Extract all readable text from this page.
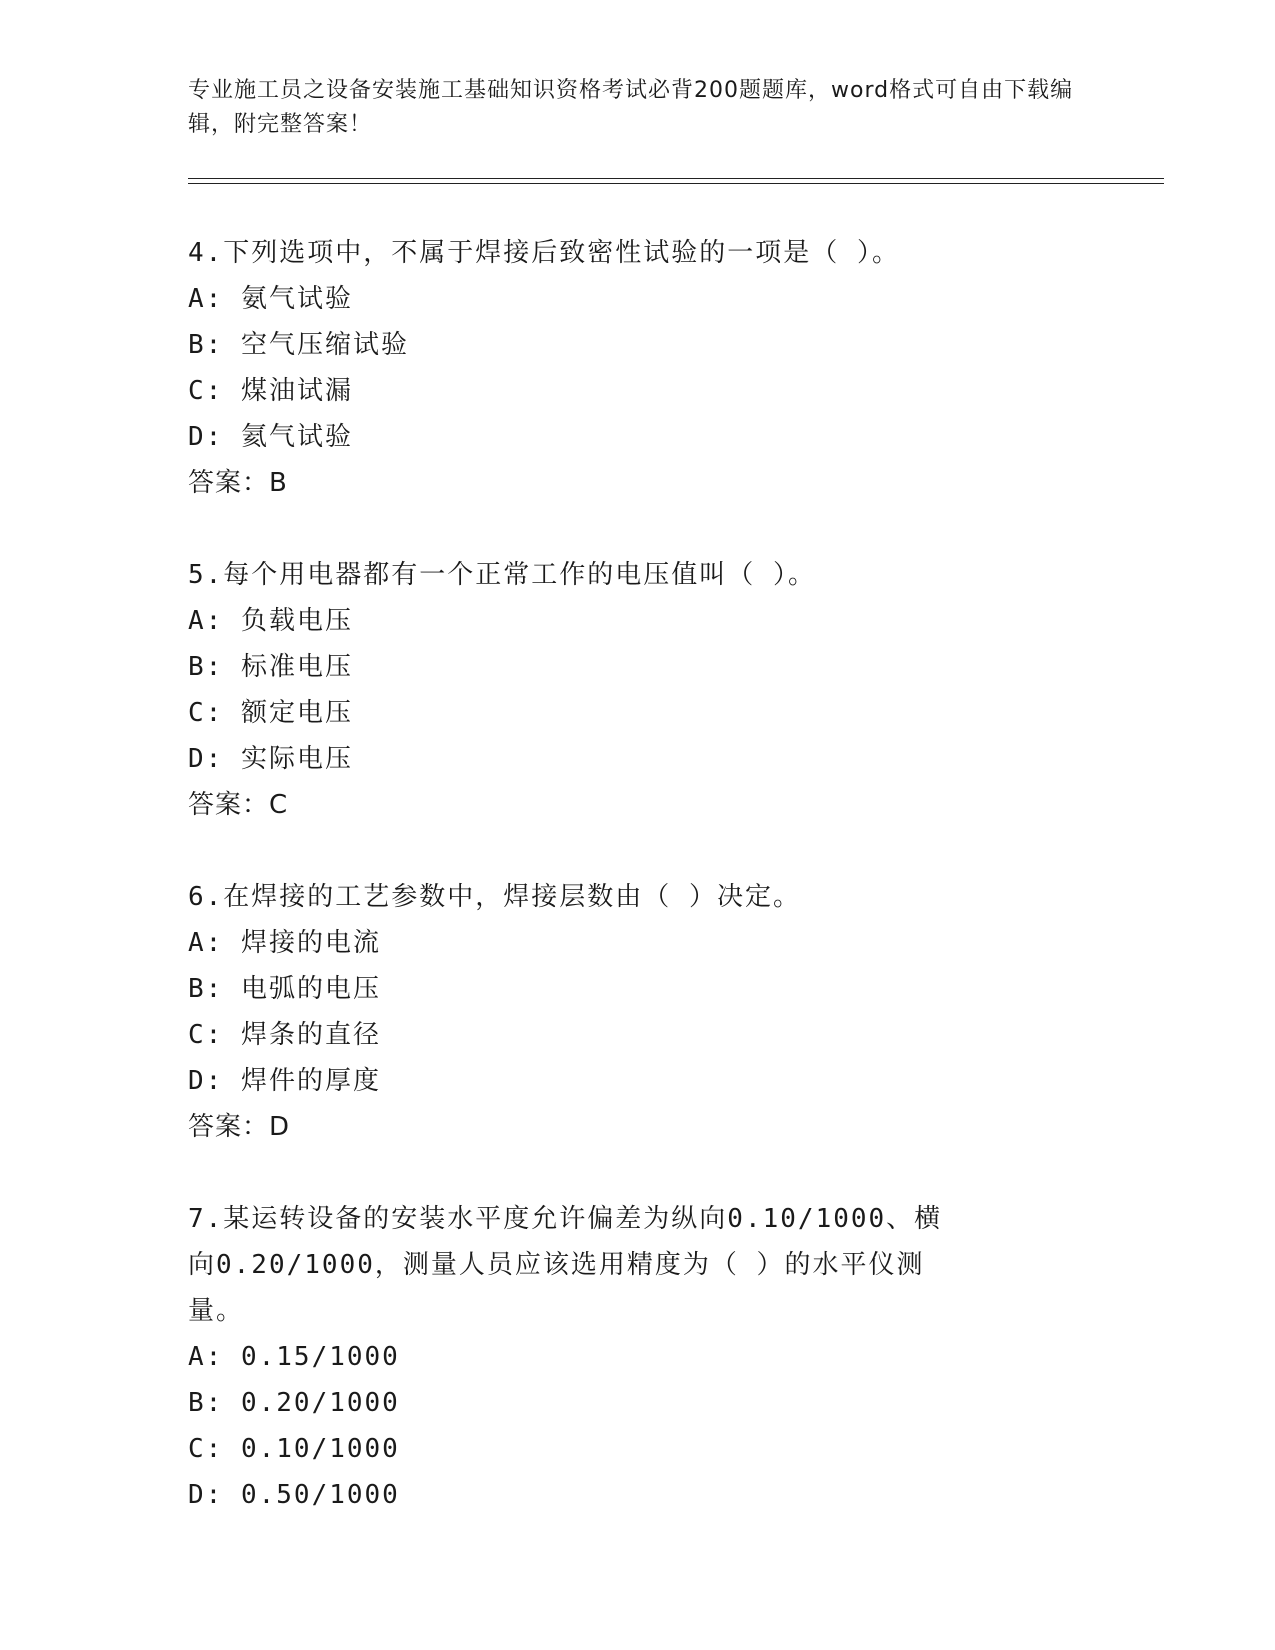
专业施工员之设备安装施工基础知识资格考试必背200题题库，word格式可自由下载编辑，附完整答案！
4.下列选项中，不属于焊接后致密性试验的一项是（ ）。
A: 氨气试验
B: 空气压缩试验
C: 煤油试漏
D: 氦气试验
答案：B
5.每个用电器都有一个正常工作的电压值叫（ ）。
A: 负载电压
B: 标准电压
C: 额定电压
D: 实际电压
答案：C
6.在焊接的工艺参数中，焊接层数由（ ）决定。
A: 焊接的电流
B: 电弧的电压
C: 焊条的直径
D: 焊件的厚度
答案：D
7.某运转设备的安装水平度允许偏差为纵向0.10/1000、横向0.20/1000，测量人员应该选用精度为（ ）的水平仪测量。
A: 0.15/1000
B: 0.20/1000
C: 0.10/1000
D: 0.50/1000
